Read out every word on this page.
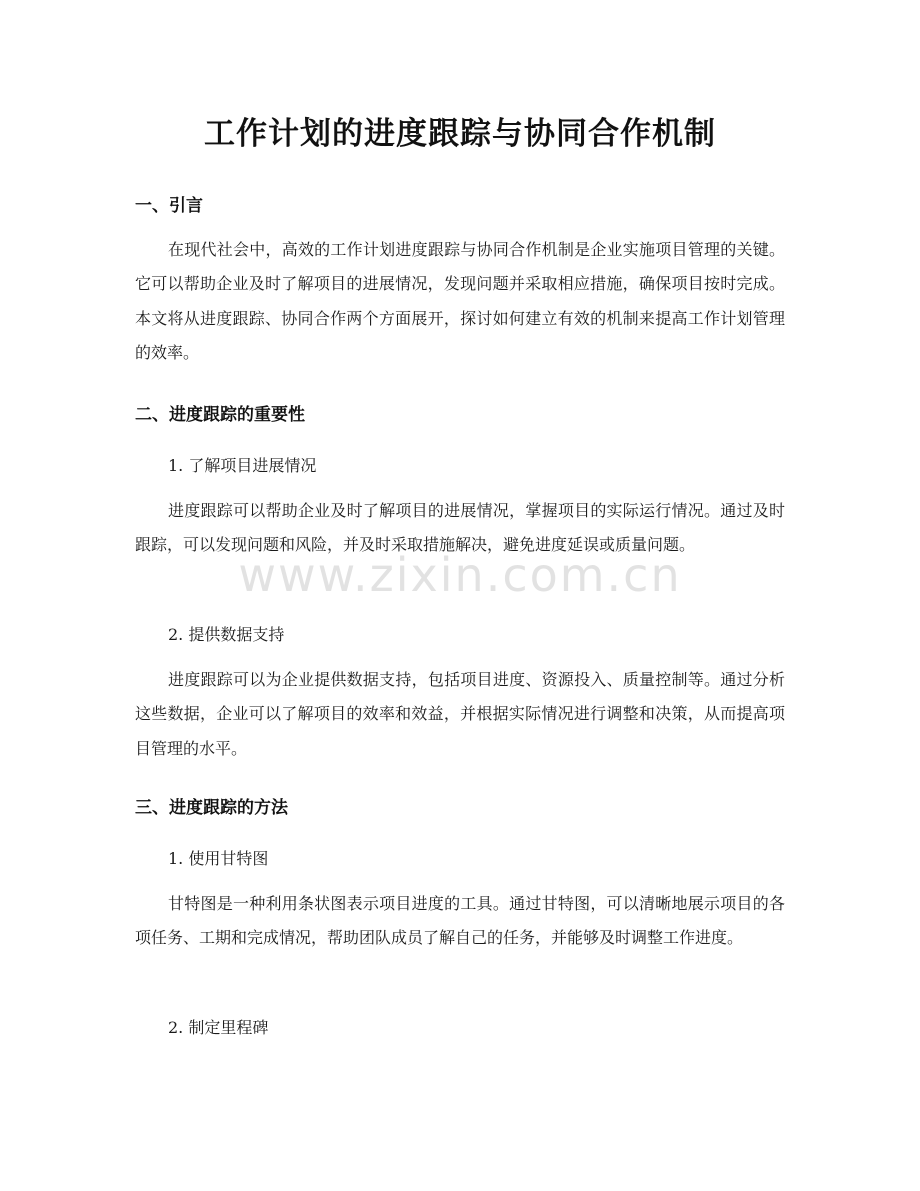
工作计划的进度跟踪与协同合作机制
一、引言
在现代社会中，高效的工作计划进度跟踪与协同合作机制是企业实施项目管理的关键。它可以帮助企业及时了解项目的进展情况，发现问题并采取相应措施，确保项目按时完成。本文将从进度跟踪、协同合作两个方面展开，探讨如何建立有效的机制来提高工作计划管理的效率。
二、进度跟踪的重要性
1. 了解项目进展情况
进度跟踪可以帮助企业及时了解项目的进展情况，掌握项目的实际运行情况。通过及时跟踪，可以发现问题和风险，并及时采取措施解决，避免进度延误或质量问题。
2. 提供数据支持
进度跟踪可以为企业提供数据支持，包括项目进度、资源投入、质量控制等。通过分析这些数据，企业可以了解项目的效率和效益，并根据实际情况进行调整和决策，从而提高项目管理的水平。
三、进度跟踪的方法
1. 使用甘特图
甘特图是一种利用条状图表示项目进度的工具。通过甘特图，可以清晰地展示项目的各项任务、工期和完成情况，帮助团队成员了解自己的任务，并能够及时调整工作进度。
2. 制定里程碑
www.zixin.com.cn
